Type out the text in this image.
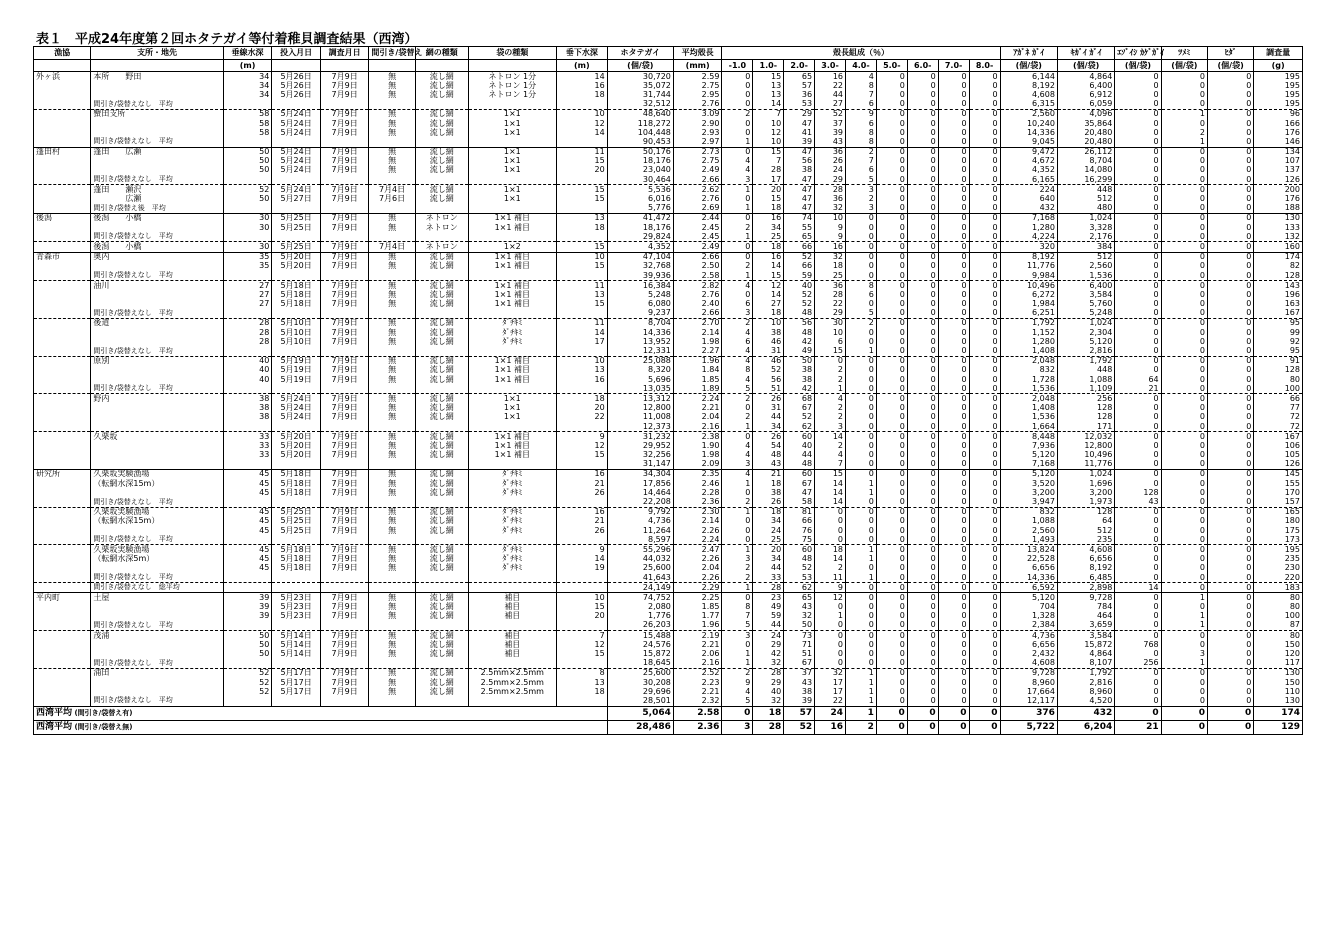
表１　平成24年度第２回ホタテガイ等付着稚貝調査結果（西湾）
漁協	支所・地先	垂線水深	投入月日	調査月日	間引き/袋替え	網の種類	袋の種類	垂下水深	ホタテガイ	平均殻長	殻長組成（％）									ｱｶﾞﾈ ｶﾞｲ	ｷｶﾞｲ ｶﾞｲ	ｴｿﾞｲｼ ｶｹﾞｶﾞｲ	ﾂﾒﾐ	ﾋﾀﾞ	調査量
		(m)						(m)	(個/袋)	(mm)	-1.0	1.0-	2.0-	3.0-	4.0-	5.0-	6.0-	7.0-	8.0-	(個/袋)	(個/袋)	(個/袋)	(個/袋)	(個/袋)	(g)
外ヶ浜	本所　　野田	34	5月26日	7月9日	無	流し網	ネトロン 1分	14	30,720	2.59	0	15	65	16	4	0	0	0	0	6,144	4,864	0	0	0	195
		34	5月26日	7月9日	無	流し網	ネトロン 1分	16	35,072	2.75	0	13	57	22	8	0	0	0	0	8,192	6,400	0	0	0	195
		34	5月26日	7月9日	無	流し網	ネトロン 1分	18	31,744	2.95	0	13	36	44	7	0	0	0	0	4,608	6,912	0	0	0	195
	間引き/袋替えなし　平均								32,512	2.76	0	14	53	27	6	0	0	0	0	6,315	6,059	0	0	0	195
	蟹田支所	58	5月24日	7月9日	無	流し網	1×1	10	48,640	3.09	2	7	29	52	9	0	0	0	0	2,560	4,096	0	1	0	96
		58	5月24日	7月9日	無	流し網	1×1	12	118,272	2.90	0	10	47	37	6	0	0	0	0	10,240	35,864	0	0	0	166
		58	5月24日	7月9日	無	流し網	1×1	14	104,448	2.93	0	12	41	39	8	0	0	0	0	14,336	20,480	0	2	0	176
	間引き/袋替えなし　平均								90,453	2.97	1	10	39	43	8	0	0	0	0	9,045	20,480	0	1	0	146
蓬田村	蓬田　　広瀬	50	5月24日	7月9日	無	流し網	1×1	11	50,176	2.73	0	15	47	36	2	0	0	0	0	9,472	26,112	0	0	0	134
		50	5月24日	7月9日	無	流し網	1×1	15	18,176	2.75	4	7	56	26	7	0	0	0	0	4,672	8,704	0	0	0	107
		50	5月24日	7月9日	無	流し網	1×1	20	23,040	2.49	4	28	38	24	6	0	0	0	0	4,352	14,080	0	0	0	137
	間引き/袋替えなし　平均								30,464	2.66	3	17	47	29	5	0	0	0	0	6,165	16,299	0	0	0	126
	蓬田　　瀬沢	52	5月24日	7月9日	7月4日	流し網	1×1	15	5,536	2.62	1	20	47	28	3	0	0	0	0	224	448	0	0	0	200
	　　　　広瀬	50	5月27日	7月9日	7月6日	流し網	1×1	15	6,016	2.76	0	15	47	36	2	0	0	0	0	640	512	0	0	0	176
	間引き/袋替え後　平均								5,776	2.69	1	18	47	32	3	0	0	0	0	432	480	0	0	0	188
後潟	後潟　　小橋	30	5月25日	7月9日	無	ネトロン	1×1 補目	13	41,472	2.44	0	16	74	10	0	0	0	0	0	7,168	1,024	0	0	0	130
		30	5月25日	7月9日	無	ネトロン	1×1 補目	18	18,176	2.45	2	34	55	9	0	0	0	0	0	1,280	3,328	0	0	0	133
	間引き/袋替えなし　平均								29,824	2.45	1	25	65	9	0	0	0	0	0	4,224	2,176	0	0	0	132
	後潟　　小橋	30	5月25日	7月9日	7月4日	ネトロン	1×2	15	4,352	2.49	0	18	66	16	0	0	0	0	0	320	384	0	0	0	160
青森市	奥内	35	5月20日	7月9日	無	流し網	1×1 補目	10	47,104	2.66	0	16	52	32	0	0	0	0	0	8,192	512	0	0	0	174
		35	5月20日	7月9日	無	流し網	1×1 補目	15	32,768	2.50	2	14	66	18	0	0	0	0	0	11,776	2,560	0	0	0	82
	間引き/袋替えなし　平均								39,936	2.58	1	15	59	25	0	0	0	0	0	9,984	1,536	0	0	0	128
	油川	27	5月18日	7月9日	無	流し網	1×1 補目	11	16,384	2.82	4	12	40	36	8	0	0	0	0	10,496	6,400	0	0	0	143
		27	5月18日	7月9日	無	流し網	1×1 補目	13	5,248	2.76	0	14	52	28	6	0	0	0	0	6,272	3,584	0	0	0	196
		27	5月18日	7月9日	無	流し網	1×1 補目	15	6,080	2.40	6	27	52	22	0	0	0	0	0	1,984	5,760	0	0	0	163
	間引き/袋替えなし　平均								9,237	2.66	3	18	48	29	5	0	0	0	0	6,251	5,248	0	0	0	167
	後道	28	5月10日	7月9日	無	流し網	ﾀﾞﾁｷﾐ	11	8,704	2.70	2	10	56	30	2	0	0	0	0	1,792	1,024	0	0	0	95
		28	5月10日	7月9日	無	流し網	ﾀﾞﾁｷﾐ	14	14,336	2.14	4	38	48	10	0	0	0	0	0	1,152	2,304	0	0	0	99
		28	5月10日	7月9日	無	流し網	ﾀﾞﾁｷﾐ	17	13,952	1.98	6	46	42	6	0	0	0	0	0	1,280	5,120	0	0	0	92
	間引き/袋替えなし　平均								12,331	2.27	4	31	49	15	1	0	0	0	0	1,408	2,816	0	0	0	95
	原別	40	5月19日	7月9日	無	流し網	1×1 補目	10	25,088	1.96	4	46	50	0	0	0	0	0	0	2,048	1,792	0	0	0	91
		40	5月19日	7月9日	無	流し網	1×1 補目	13	8,320	1.84	8	52	38	2	0	0	0	0	0	832	448	0	0	0	128
		40	5月19日	7月9日	無	流し網	1×1 補目	16	5,696	1.85	4	56	38	2	0	0	0	0	0	1,728	1,088	64	0	0	80
	間引き/袋替えなし　平均								13,035	1.89	5	51	42	1	0	0	0	0	0	1,536	1,109	21	0	0	100
	野内	38	5月24日	7月9日	無	流し網	1×1	18	13,312	2.24	2	26	68	4	0	0	0	0	0	2,048	256	0	0	0	66
		38	5月24日	7月9日	無	流し網	1×1	20	12,800	2.21	0	31	67	2	0	0	0	0	0	1,408	128	0	0	0	77
		38	5月24日	7月9日	無	流し網	1×1	22	11,008	2.04	2	44	52	2	0	0	0	0	0	1,536	128	0	0	0	72
									12,373	2.16	1	34	62	3	0	0	0	0	0	1,664	171	0	0	0	72
	久栗坂	33	5月20日	7月9日	無	流し網	1×1 補目	9	31,232	2.38	0	26	60	14	0	0	0	0	0	8,448	12,032	0	0	0	167
		33	5月20日	7月9日	無	流し網	1×1 補目	12	29,952	1.90	4	54	40	2	0	0	0	0	0	7,936	12,800	0	0	0	106
		33	5月20日	7月9日	無	流し網	1×1 補目	15	32,256	1.98	4	48	44	4	0	0	0	0	0	5,120	10,496	0	0	0	105
									31,147	2.09	3	43	48	7	0	0	0	0	0	7,168	11,776	0	0	0	126
研究所	久栗坂実験漁場	45	5月18日	7月9日	無	流し網	ﾀﾞﾁｷﾐ	16	34,304	2.35	4	21	60	15	0	0	0	0	0	5,120	1,024	0	0	0	145
	（転網水深15m）	45	5月18日	7月9日	無	流し網	ﾀﾞﾁｷﾐ	21	17,856	2.46	1	18	67	14	1	0	0	0	0	3,520	1,696	0	0	0	155
		45	5月18日	7月9日	無	流し網	ﾀﾞﾁｷﾐ	26	14,464	2.28	0	38	47	14	1	0	0	0	0	3,200	3,200	128	0	0	170
	間引き/袋替えなし　平均								22,208	2.36	2	26	58	14	0	0	0	0	0	3,947	1,973	43	0	0	157
	久栗坂実験漁場	45	5月25日	7月9日	無	流し網	ﾀﾞﾁｷﾐ	16	9,792	2.30	1	18	81	0	0	0	0	0	0	832	128	0	0	0	165
	（転網水深15m）	45	5月25日	7月9日	無	流し網	ﾀﾞﾁｷﾐ	21	4,736	2.14	0	34	66	0	0	0	0	0	0	1,088	64	0	0	0	180
		45	5月25日	7月9日	無	流し網	ﾀﾞﾁｷﾐ	26	11,264	2.26	0	24	76	0	0	0	0	0	0	2,560	512	0	0	0	175
	間引き/袋替えなし　平均								8,597	2.24	0	25	75	0	0	0	0	0	0	1,493	235	0	0	0	173
	久栗坂実験漁場	45	5月18日	7月9日	無	流し網	ﾀﾞﾁｷﾐ	9	55,296	2.47	1	20	60	18	1	0	0	0	0	13,824	4,608	0	0	0	195
	（転網水深5m）	45	5月18日	7月9日	無	流し網	ﾀﾞﾁｷﾐ	14	44,032	2.26	3	34	48	14	1	0	0	0	0	22,528	6,656	0	0	0	235
		45	5月18日	7月9日	無	流し網	ﾀﾞﾁｷﾐ	19	25,600	2.04	2	44	52	2	0	0	0	0	0	6,656	8,192	0	0	0	230
	間引き/袋替えなし　平均								41,643	2.26	2	33	53	11	1	0	0	0	0	14,336	6,485	0	0	0	220
	間引き/袋替えなし　総平均								24,149	2.29	1	28	62	9	0	0	0	0	0	6,592	2,898	14	0	0	183
平内町	土屋	39	5月23日	7月9日	無	流し網	補目	10	74,752	2.25	0	23	65	12	0	0	0	0	0	5,120	9,728	0	1	0	80
		39	5月23日	7月9日	無	流し網	補目	15	2,080	1.85	8	49	43	0	0	0	0	0	0	704	784	0	0	0	80
		39	5月23日	7月9日	無	流し網	補目	20	1,776	1.77	7	59	32	1	0	0	0	0	0	1,328	464	0	1	0	100
	間引き/袋替えなし　平均								26,203	1.96	5	44	50	0	0	0	0	0	0	2,384	3,659	0	1	0	87
	茂浦	50	5月14日	7月9日	無	流し網	補目	7	15,488	2.19	3	24	73	0	0	0	0	0	0	4,736	3,584	0	0	0	80
		50	5月14日	7月9日	無	流し網	補目	12	24,576	2.21	0	29	71	0	0	0	0	0	0	6,656	15,872	768	0	0	150
		50	5月14日	7月9日	無	流し網	補目	15	15,872	2.06	1	42	51	0	0	0	0	0	0	2,432	4,864	0	3	0	120
	間引き/袋替えなし　平均								18,645	2.16	1	32	67	0	0	0	0	0	0	4,608	8,107	256	1	0	117
	浦田	52	5月17日	7月9日	無	流し網	2.5mm×2.5mm	8	25,600	2.52	2	28	37	32	1	0	0	0	0	9,728	1,792	0	0	0	130
		52	5月17日	7月9日	無	流し網	2.5mm×2.5mm	13	30,208	2.23	9	29	43	17	1	0	0	0	0	8,960	2,816	0	0	0	150
		52	5月17日	7月9日	無	流し網	2.5mm×2.5mm	18	29,696	2.21	4	40	38	17	1	0	0	0	0	17,664	8,960	0	0	0	110
	間引き/袋替えなし　平均								28,501	2.32	5	32	39	22	1	0	0	0	0	12,117	4,520	0	0	0	130
西湾平均 (間引き/袋替え有)									5,064	2.58	0	18	57	24	1	0	0	0	0	376	432	0	0	0	174
西湾平均 (間引き/袋替え無)									28,486	2.36	3	28	52	16	2	0	0	0	0	5,722	6,204	21	0	0	129
